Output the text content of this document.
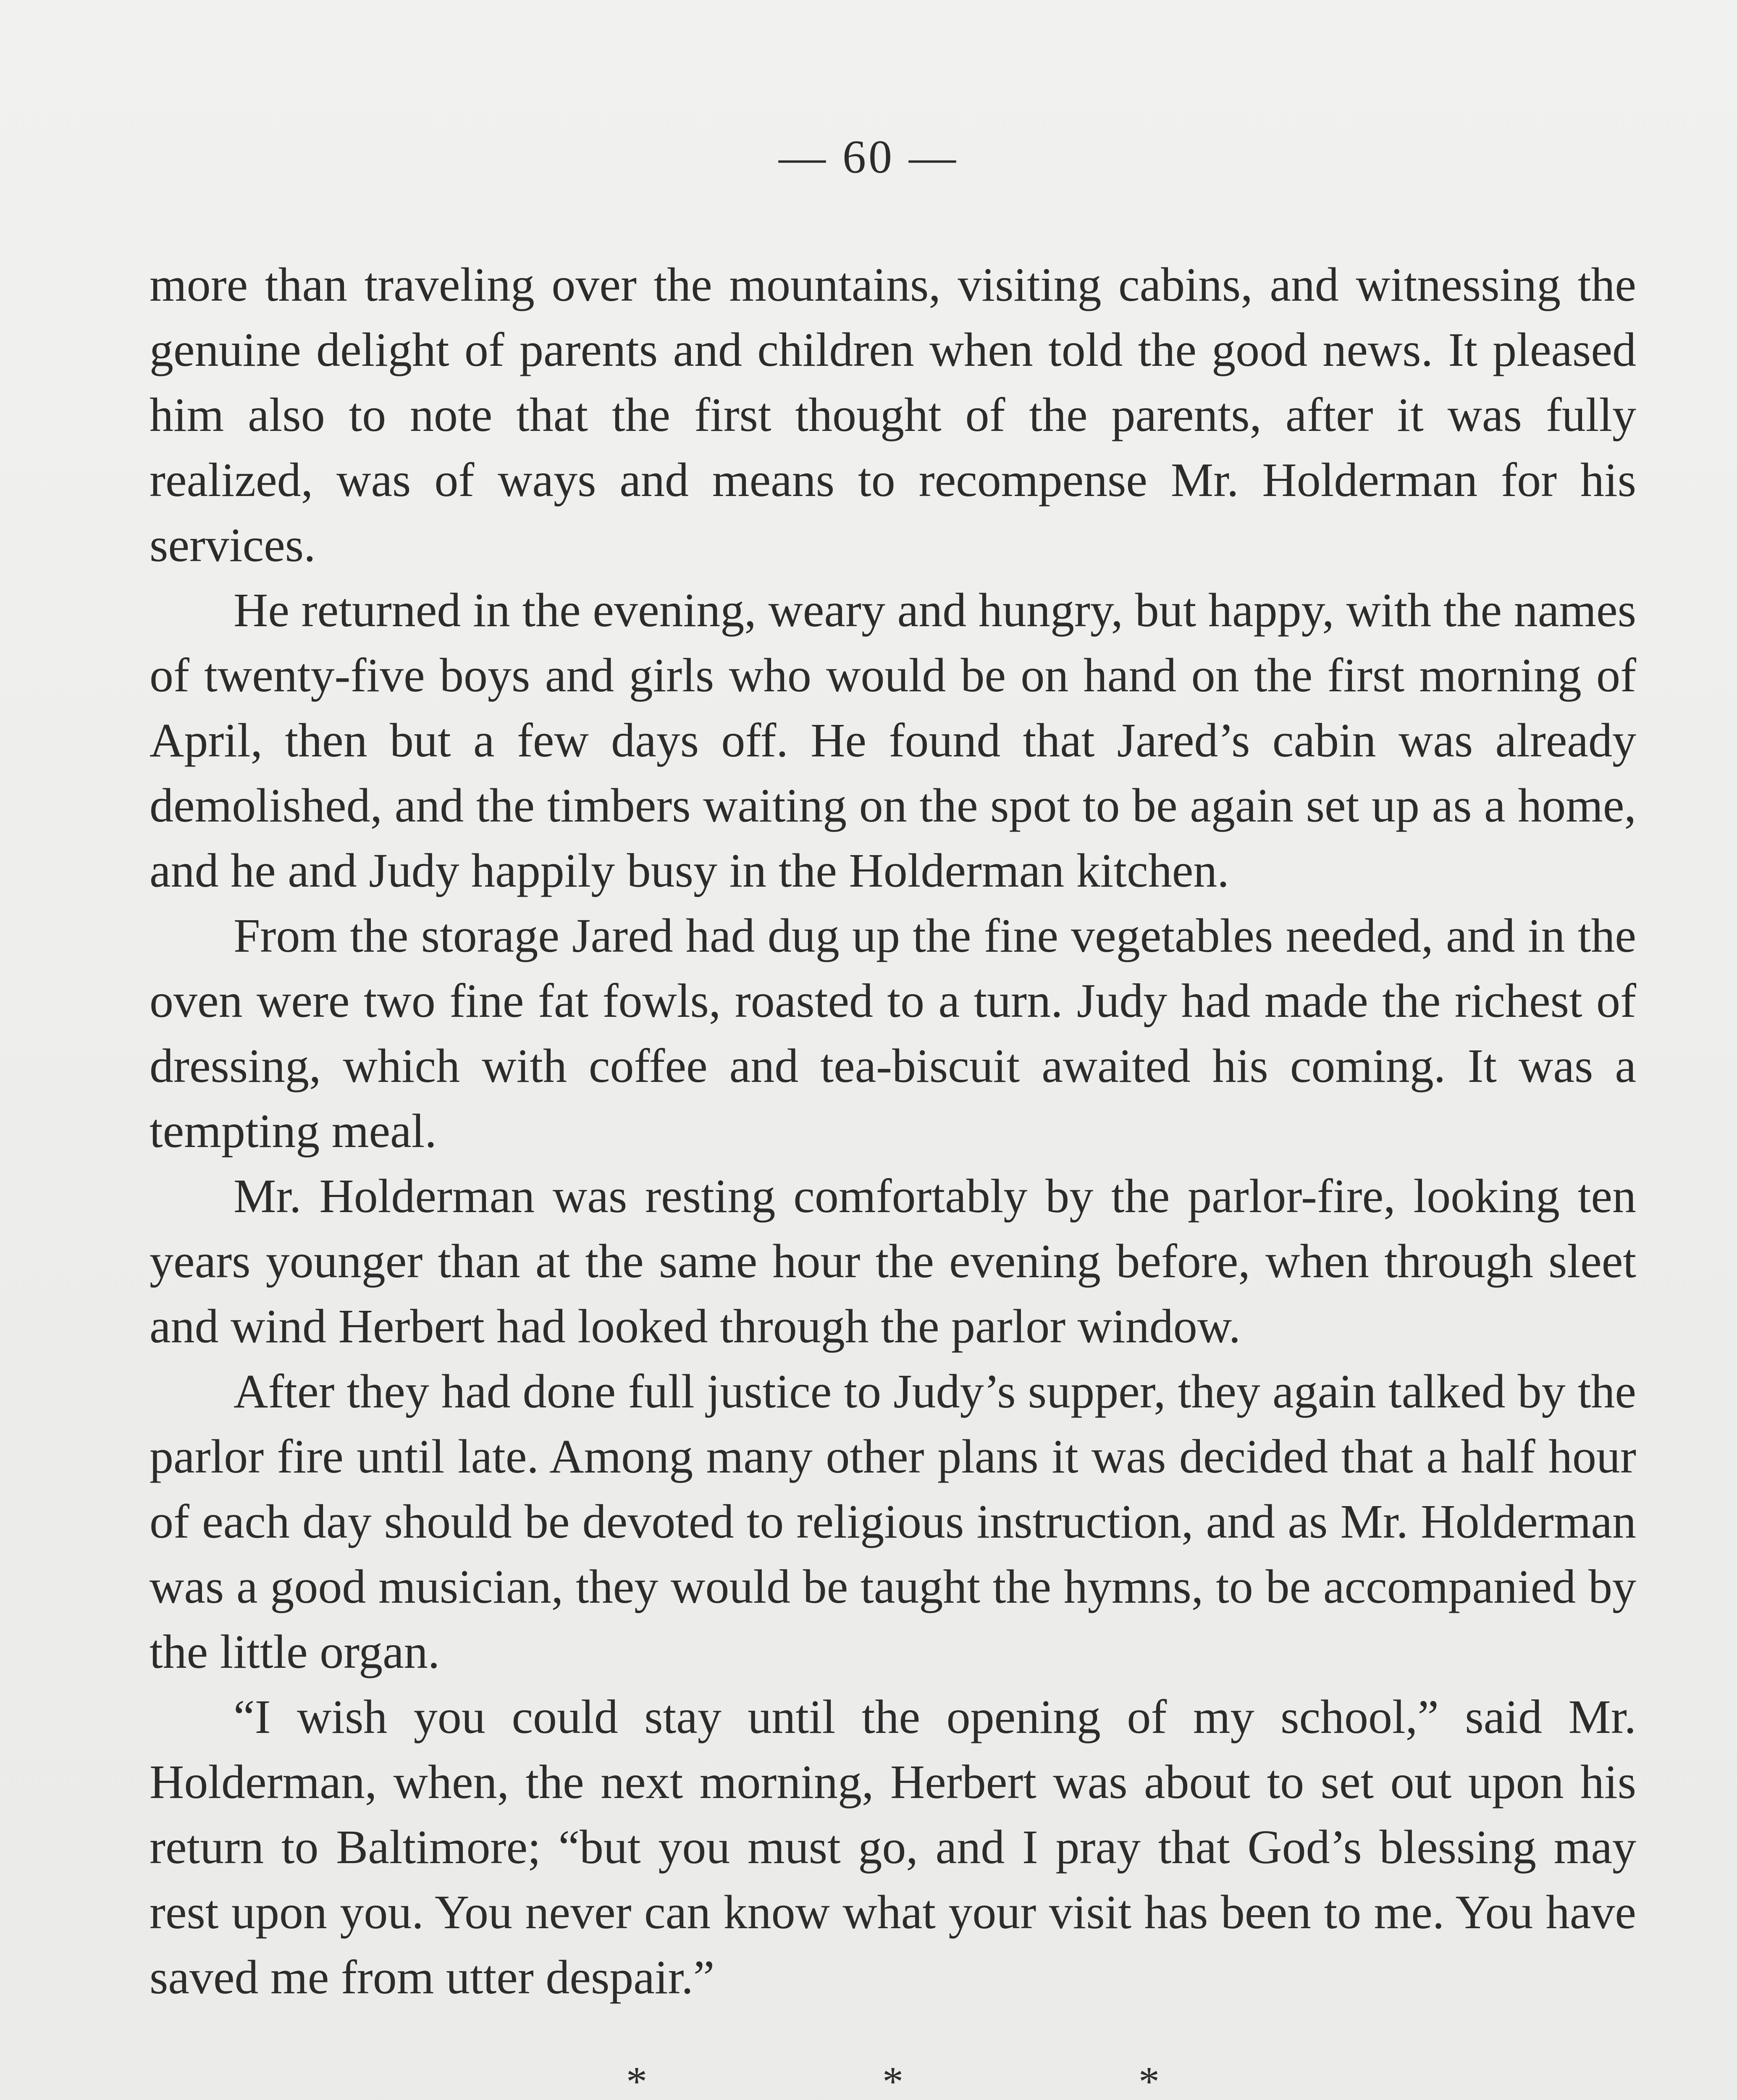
— 60 —

more than traveling over the mountains, visiting cabins, and witnessing the genuine delight of parents and children when told the good news. It pleased him also to note that the first thought of the parents, after it was fully realized, was of ways and means to recompense Mr. Holderman for his services.

He returned in the evening, weary and hungry, but happy, with the names of twenty-five boys and girls who would be on hand on the first morning of April, then but a few days off. He found that Jared’s cabin was already demolished, and the timbers waiting on the spot to be again set up as a home, and he and Judy happily busy in the Holderman kitchen.

From the storage Jared had dug up the fine vegetables needed, and in the oven were two fine fat fowls, roasted to a turn. Judy had made the richest of dressing, which with coffee and tea-biscuit awaited his coming. It was a tempting meal.

Mr. Holderman was resting comfortably by the parlor-fire, looking ten years younger than at the same hour the evening before, when through sleet and wind Herbert had looked through the parlor window.

After they had done full justice to Judy’s supper, they again talked by the parlor fire until late. Among many other plans it was decided that a half hour of each day should be devoted to religious instruction, and as Mr. Holderman was a good musician, they would be taught the hymns, to be accompanied by the little organ.

“I wish you could stay until the opening of my school,” said Mr. Holderman, when, the next morning, Herbert was about to set out upon his return to Baltimore; “but you must go, and I pray that God’s blessing may rest upon you. You never can know what your visit has been to me. You have saved me from utter despair.”

*	*	*
